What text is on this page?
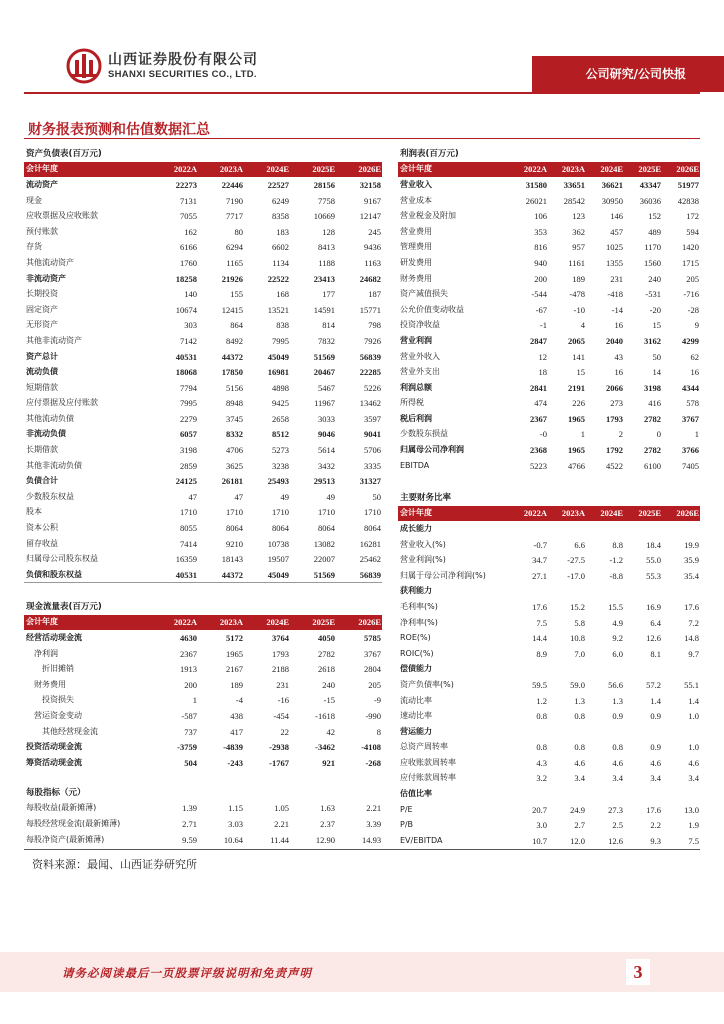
山西证券股份有限公司
SHANXI SECURITIES CO., LTD.	公司研究/公司快报
财务报表预测和估值数据汇总
资产负债表(百万元)					
会计年度	2022A	2023A	2024E	2025E	2026E
流动资产	22273	22446	22527	28156	32158
现金	7131	7190	6249	7758	9167
应收票据及应收账款	7055	7717	8358	10669	12147
预付账款	162	80	183	128	245
存货	6166	6294	6602	8413	9436
其他流动资产	1760	1165	1134	1188	1163
非流动资产	18258	21926	22522	23413	24682
长期投资	140	155	168	177	187
固定资产	10674	12415	13521	14591	15771
无形资产	303	864	838	814	798
其他非流动资产	7142	8492	7995	7832	7926
资产总计	40531	44372	45049	51569	56839
流动负债	18068	17850	16981	20467	22285
短期借款	7794	5156	4898	5467	5226
应付票据及应付账款	7995	8948	9425	11967	13462
其他流动负债	2279	3745	2658	3033	3597
非流动负债	6057	8332	8512	9046	9041
长期借款	3198	4706	5273	5614	5706
其他非流动负债	2859	3625	3238	3432	3335
负债合计	24125	26181	25493	29513	31327
少数股东权益	47	47	49	49	50
股本	1710	1710	1710	1710	1710
资本公积	8055	8064	8064	8064	8064
留存收益	7414	9210	10738	13082	16281
归属母公司股东权益	16359	18143	19507	22007	25462
负债和股东权益	40531	44372	45049	51569	56839
现金流量表(百万元)					
会计年度	2022A	2023A	2024E	2025E	2026E
经营活动现金流	4630	5172	3764	4050	5785
净利润	2367	1965	1793	2782	3767
折旧摊销	1913	2167	2188	2618	2804
财务费用	200	189	231	240	205
投资损失	1	-4	-16	-15	-9
营运资金变动	-587	438	-454	-1618	-990
其他经营现金流	737	417	22	42	8
投资活动现金流	-3759	-4839	-2938	-3462	-4108
筹资活动现金流	504	-243	-1767	921	-268
每股指标（元）					
每股收益(最新摊薄)	1.39	1.15	1.05	1.63	2.21
每股经营现金流(最新摊薄)	2.71	3.03	2.21	2.37	3.39
每股净资产(最新摊薄)	9.59	10.64	11.44	12.90	14.93
利润表(百万元)					
会计年度	2022A	2023A	2024E	2025E	2026E
营业收入	31580	33651	36621	43347	51977
营业成本	26021	28542	30950	36036	42838
营业税金及附加	106	123	146	152	172
营业费用	353	362	457	489	594
管理费用	816	957	1025	1170	1420
研发费用	940	1161	1355	1560	1715
财务费用	200	189	231	240	205
资产减值损失	-544	-478	-418	-531	-716
公允价值变动收益	-67	-10	-14	-20	-28
投资净收益	-1	4	16	15	9
营业利润	2847	2065	2040	3162	4299
营业外收入	12	141	43	50	62
营业外支出	18	15	16	14	16
利润总额	2841	2191	2066	3198	4344
所得税	474	226	273	416	578
税后利润	2367	1965	1793	2782	3767
少数股东损益	-0	1	2	0	1
归属母公司净利润	2368	1965	1792	2782	3766
EBITDA	5223	4766	4522	6100	7405
主要财务比率					
会计年度	2022A	2023A	2024E	2025E	2026E
成长能力					
营业收入(%)	-0.7	6.6	8.8	18.4	19.9
营业利润(%)	34.7	-27.5	-1.2	55.0	35.9
归属于母公司净利润(%)	27.1	-17.0	-8.8	55.3	35.4
获利能力					
毛利率(%)	17.6	15.2	15.5	16.9	17.6
净利率(%)	7.5	5.8	4.9	6.4	7.2
ROE(%)	14.4	10.8	9.2	12.6	14.8
ROIC(%)	8.9	7.0	6.0	8.1	9.7
偿债能力					
资产负债率(%)	59.5	59.0	56.6	57.2	55.1
流动比率	1.2	1.3	1.3	1.4	1.4
速动比率	0.8	0.8	0.9	0.9	1.0
营运能力					
总资产周转率	0.8	0.8	0.8	0.9	1.0
应收账款周转率	4.3	4.6	4.6	4.6	4.6
应付账款周转率	3.2	3.4	3.4	3.4	3.4
估值比率					
P/E	20.7	24.9	27.3	17.6	13.0
P/B	3.0	2.7	2.5	2.2	1.9
EV/EBITDA	10.7	12.0	12.6	9.3	7.5
资料来源：最闻、山西证券研究所
请务必阅读最后一页股票评级说明和免责声明	3
